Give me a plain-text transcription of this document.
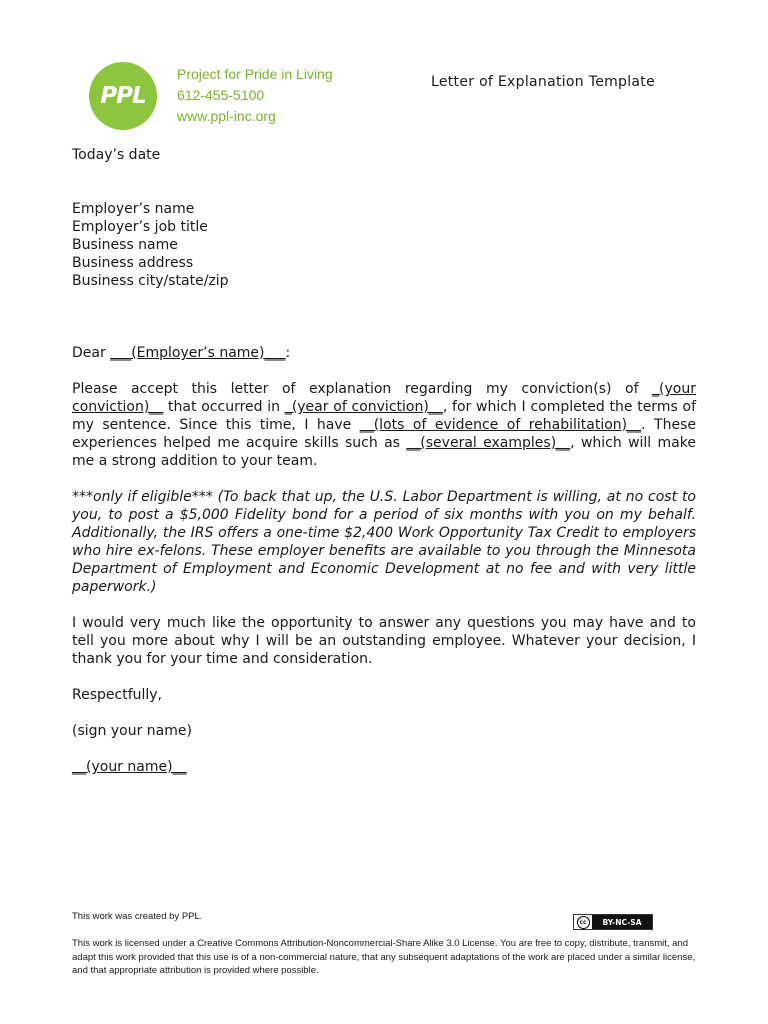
PPL
Project for Pride in Living
612-455-5100
www.ppl-inc.org
Letter of Explanation Template

Today’s date

Employer’s name

Employer’s job title

Business name

Business address

Business city/state/zip

Dear ___(Employer’s name)___:

Please accept this letter of explanation regarding my conviction(s) of _(your conviction)__ that occurred in _(year of conviction)__, for which I completed the terms of my sentence. Since this time, I have __(lots of evidence of rehabilitation)__. These experiences helped me acquire skills such as __(several examples)__, which will make me a strong addition to your team.

***only if eligible*** (To back that up, the U.S. Labor Department is willing, at no cost to you, to post a $5,000 Fidelity bond for a period of six months with you on my behalf. Additionally, the IRS offers a one-time $2,400 Work Opportunity Tax Credit to employers who hire ex-felons. These employer benefits are available to you through the Minnesota Department of Employment and Economic Development at no fee and with very little paperwork.)

I would very much like the opportunity to answer any questions you may have and to tell you more about why I will be an outstanding employee. Whatever your decision, I thank you for your time and consideration.

Respectfully,

(sign your name)

__(your name)__

This work was created by PPL.	cc	BY-NC-SA
This work is licensed under a Creative Commons Attribution-Noncommercial-Share Alike 3.0 License. You are free to copy, distribute, transmit, and adapt this work provided that this use is of a non-commercial nature, that any subsequent adaptations of the work are placed under a similar license, and that appropriate attribution is provided where possible.
